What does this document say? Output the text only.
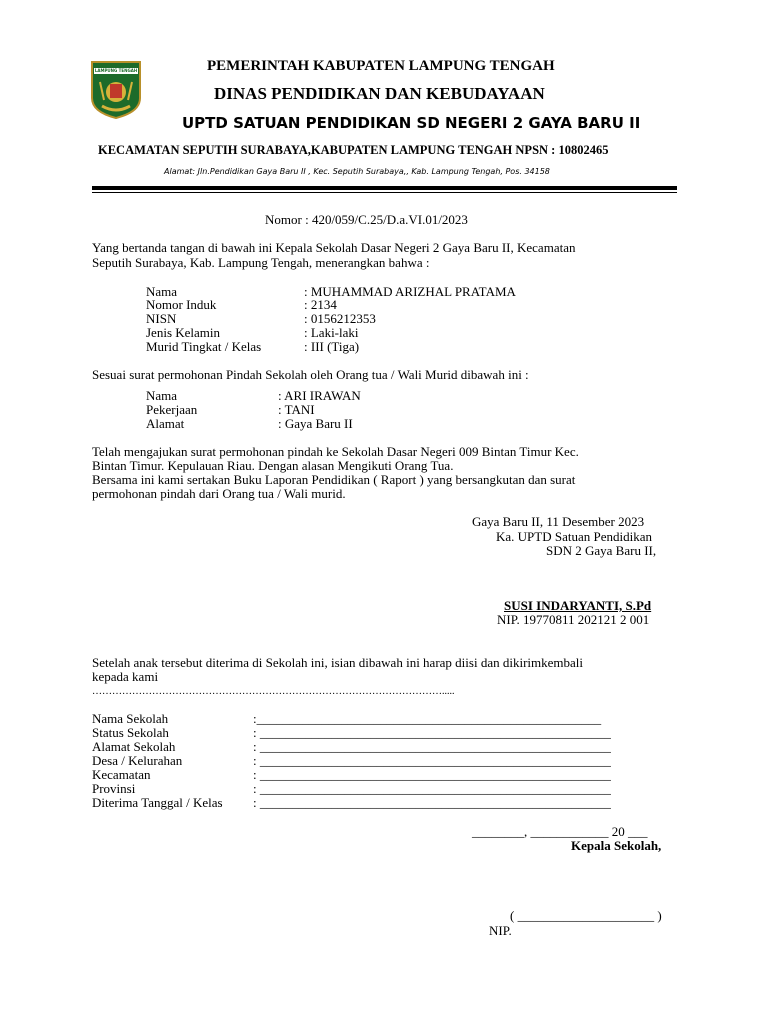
LAMPUNG TENGAH	PEMERINTAH KABUPATEN LAMPUNG TENGAH
DINAS PENDIDIKAN DAN KEBUDAYAAN
UPTD SATUAN PENDIDIKAN SD NEGERI 2 GAYA BARU II
KECAMATAN SEPUTIH SURABAYA,KABUPATEN LAMPUNG TENGAH NPSN : 10802465
Alamat: Jln.Pendidikan Gaya Baru II , Kec. Seputih Surabaya,, Kab. Lampung Tengah, Pos. 34158
Nomor : 420/059/C.25/D.a.VI.01/2023
Yang bertanda tangan di bawah ini Kepala Sekolah Dasar Negeri 2 Gaya Baru II, Kecamatan
Seputih Surabaya, Kab. Lampung Tengah, menerangkan bahwa :
Nama	: MUHAMMAD ARIZHAL PRATAMA
Nomor Induk	: 2134
NISN	: 0156212353
Jenis Kelamin	: Laki-laki
Murid Tingkat / Kelas	: III (Tiga)
Sesuai surat permohonan Pindah Sekolah oleh Orang tua / Wali Murid dibawah ini :
Nama	: ARI IRAWAN
Pekerjaan	: TANI
Alamat	: Gaya Baru II
Telah mengajukan surat permohonan pindah ke Sekolah Dasar Negeri 009 Bintan Timur Kec.
Bintan Timur. Kepulauan Riau. Dengan alasan Mengikuti Orang Tua.
Bersama ini kami sertakan Buku Laporan Pendidikan ( Raport ) yang bersangkutan dan surat
permohonan pindah dari Orang tua / Wali murid.
Gaya Baru II, 11 Desember 2023
Ka. UPTD Satuan Pendidikan
SDN 2 Gaya Baru II,
SUSI INDARYANTI, S.Pd
NIP. 19770811 202121 2 001
Setelah anak tersebut diterima di Sekolah ini, isian dibawah ini harap diisi dan dikirimkembali
kepada kami
…………………………………………………………………………………………….....
Nama Sekolah	:_____________________________________________________
Status Sekolah	: ______________________________________________________
Alamat Sekolah	: ______________________________________________________
Desa / Kelurahan	: ______________________________________________________
Kecamatan	: ______________________________________________________
Provinsi	: ______________________________________________________
Diterima Tanggal / Kelas : ______________________________________________________
________, ____________ 20 ___
Kepala Sekolah,
( _____________________ )
NIP.
